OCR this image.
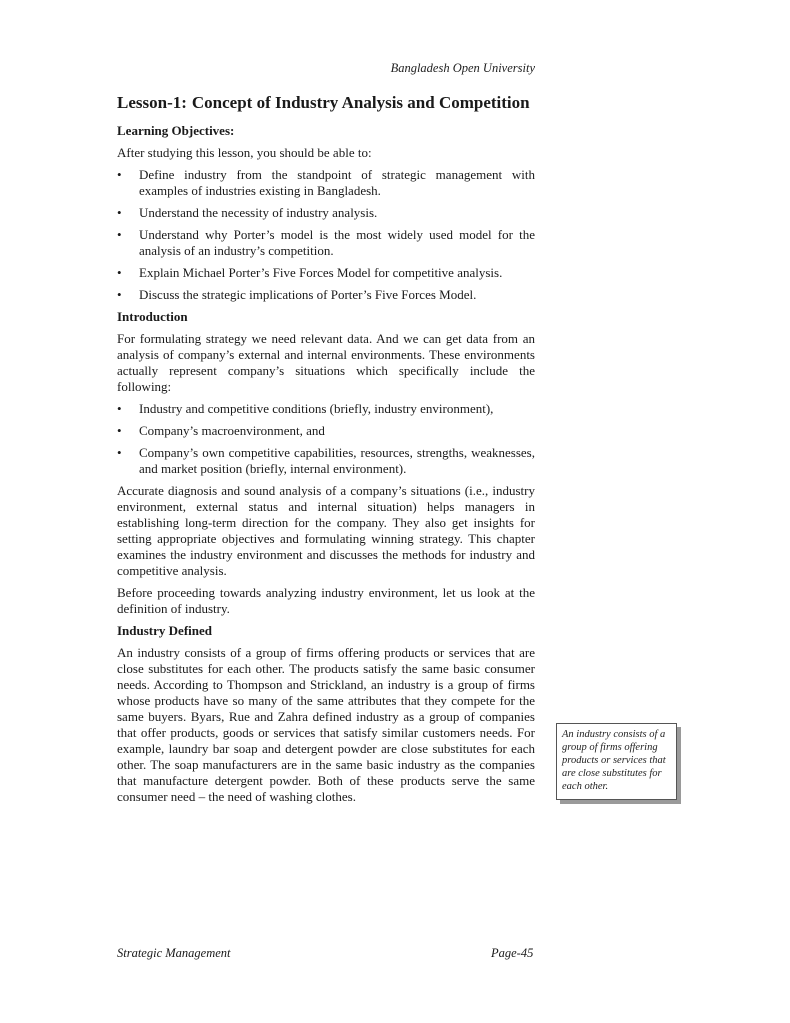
Bangladesh Open University
Lesson-1: Concept of Industry Analysis and Competition
Learning Objectives:

After studying this lesson, you should be able to:

• Define industry from the standpoint of strategic management with examples of industries existing in Bangladesh.
• Understand the necessity of industry analysis.
• Understand why Porter’s model is the most widely used model for the analysis of an industry’s competition.
• Explain Michael Porter’s Five Forces Model for competitive analysis.
• Discuss the strategic implications of Porter’s Five Forces Model.
Introduction

For formulating strategy we need relevant data. And we can get data from an analysis of company’s external and internal environments. These environments actually represent company’s situations which specifically include the following:

• Industry and competitive conditions (briefly, industry environment),
• Company’s macroenvironment, and
• Company’s own competitive capabilities, resources, strengths, weaknesses, and market position (briefly, internal environment).

Accurate diagnosis and sound analysis of a company’s situations (i.e., industry environment, external status and internal situation) helps managers in establishing long-term direction for the company. They also get insights for setting appropriate objectives and formulating winning strategy. This chapter examines the industry environment and discusses the methods for industry and competitive analysis.

Before proceeding towards analyzing industry environment, let us look at the definition of industry.

Industry Defined

An industry consists of a group of firms offering products or services that are close substitutes for each other. The products satisfy the same basic consumer needs. According to Thompson and Strickland, an industry is a group of firms whose products have so many of the same attributes that they compete for the same buyers. Byars, Rue and Zahra defined industry as a group of companies that offer products, goods or services that satisfy similar customers needs. For example, laundry bar soap and detergent powder are close substitutes for each other. The soap manufacturers are in the same basic industry as the companies that manufacture detergent powder. Both of these products serve the same consumer need – the need of washing clothes.

An industry consists of a group of firms offering products or services that are close substitutes for each other.
Strategic Management	Page-45
